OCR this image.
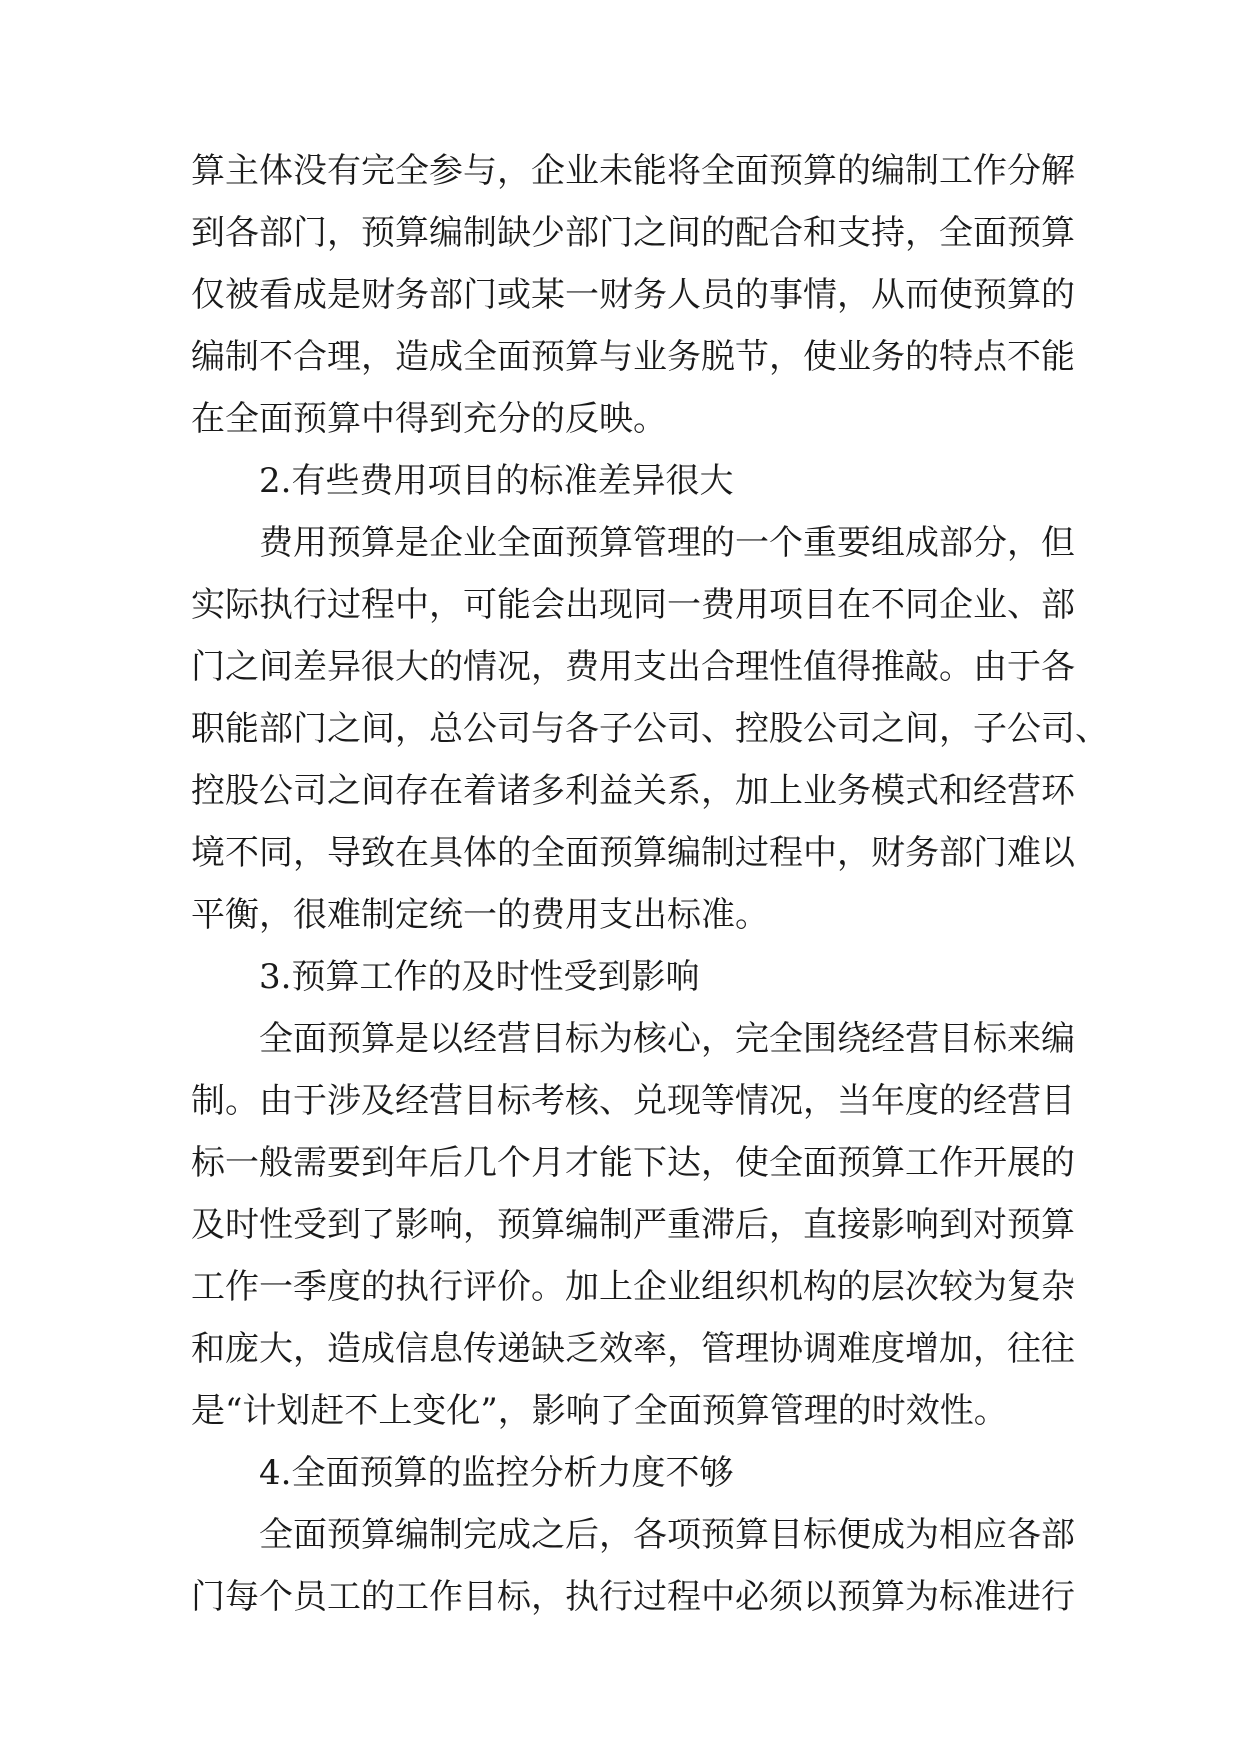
算主体没有完全参与，企业未能将全面预算的编制工作分解
到各部门，预算编制缺少部门之间的配合和支持，全面预算
仅被看成是财务部门或某一财务人员的事情，从而使预算的
编制不合理，造成全面预算与业务脱节，使业务的特点不能
在全面预算中得到充分的反映。
2.有些费用项目的标准差异很大
费用预算是企业全面预算管理的一个重要组成部分，但
实际执行过程中，可能会出现同一费用项目在不同企业、部
门之间差异很大的情况，费用支出合理性值得推敲。由于各
职能部门之间，总公司与各子公司、控股公司之间，子公司、
控股公司之间存在着诸多利益关系，加上业务模式和经营环
境不同，导致在具体的全面预算编制过程中，财务部门难以
平衡，很难制定统一的费用支出标准。
3.预算工作的及时性受到影响
全面预算是以经营目标为核心，完全围绕经营目标来编
制。由于涉及经营目标考核、兑现等情况，当年度的经营目
标一般需要到年后几个月才能下达，使全面预算工作开展的
及时性受到了影响，预算编制严重滞后，直接影响到对预算
工作一季度的执行评价。加上企业组织机构的层次较为复杂
和庞大，造成信息传递缺乏效率，管理协调难度增加，往往
是“计划赶不上变化”，影响了全面预算管理的时效性。
4.全面预算的监控分析力度不够
全面预算编制完成之后，各项预算目标便成为相应各部
门每个员工的工作目标，执行过程中必须以预算为标准进行
